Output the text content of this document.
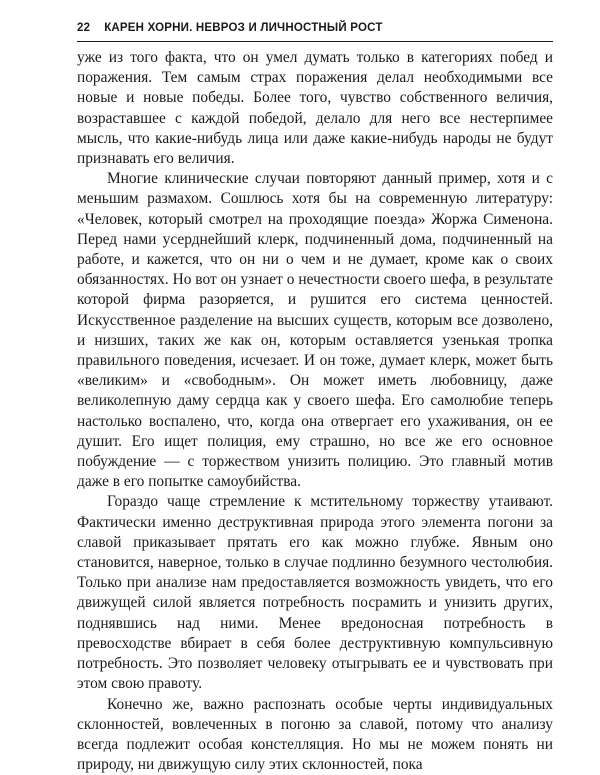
22 КАРЕН ХОРНИ. НЕВРОЗ И ЛИЧНОСТНЫЙ РОСТ

уже из того факта, что он умел думать только в категориях побед и поражения. Тем самым страх поражения делал необходимыми все новые и новые победы. Более того, чувство собственного величия, возраставшее с каждой победой, делало для него все нестерпимее мысль, что какие-нибудь лица или даже какие-нибудь народы не будут признавать его величия.

Многие клинические случаи повторяют данный пример, хотя и с меньшим размахом. Сошлюсь хотя бы на современную литературу: «Человек, который смотрел на проходящие поезда» Жоржа Сименона. Перед нами усерднейший клерк, подчиненный дома, подчиненный на работе, и кажется, что он ни о чем и не думает, кроме как о своих обязанностях. Но вот он узнает о нечестности своего шефа, в результате которой фирма разоряется, и рушится его система ценностей. Искусственное разделение на высших существ, которым все дозволено, и низших, таких же как он, которым оставляется узенькая тропка правильного поведения, исчезает. И он тоже, думает клерк, может быть «великим» и «свободным». Он может иметь любовницу, даже великолепную даму сердца как у своего шефа. Его самолюбие теперь настолько воспалено, что, когда она отвергает его ухаживания, он ее душит. Его ищет полиция, ему страшно, но все же его основное побуждение — с торжеством унизить полицию. Это главный мотив даже в его попытке самоубийства.

Гораздо чаще стремление к мстительному торжеству утаивают. Фактически именно деструктивная природа этого элемента погони за славой приказывает прятать его как можно глубже. Явным оно становится, наверное, только в случае подлинно безумного честолюбия. Только при анализе нам предоставляется возможность увидеть, что его движущей силой является потребность посрамить и унизить других, поднявшись над ними. Менее вредоносная потребность в превосходстве вбирает в себя более деструктивную компульсивную потребность. Это позволяет человеку отыгрывать ее и чувствовать при этом свою правоту.

Конечно же, важно распознать особые черты индивидуальных склонностей, вовлеченных в погоню за славой, потому что анализу всегда подлежит особая констелляция. Но мы не можем понять ни природу, ни движущую силу этих склонностей, пока
